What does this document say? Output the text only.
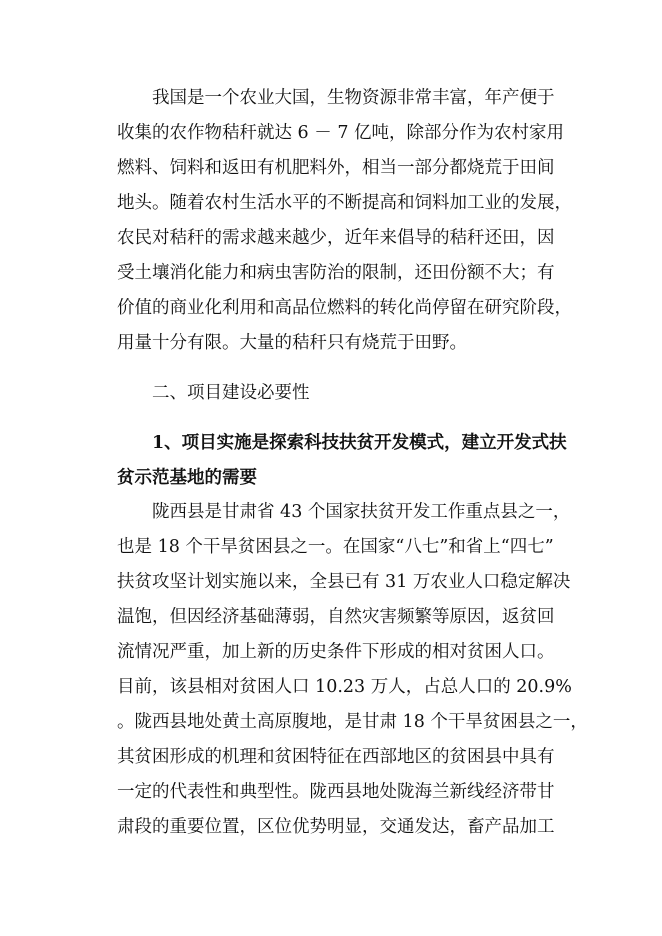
我国是一个农业大国，生物资源非常丰富，年产便于
收集的农作物秸秆就达 6 － 7 亿吨，除部分作为农村家用
燃料、饲料和返田有机肥料外，相当一部分都烧荒于田间
地头。随着农村生活水平的不断提高和饲料加工业的发展，
农民对秸秆的需求越来越少，近年来倡导的秸秆还田，因
受土壤消化能力和病虫害防治的限制，还田份额不大；有
价值的商业化利用和高品位燃料的转化尚停留在研究阶段，
用量十分有限。大量的秸秆只有烧荒于田野。
二、项目建设必要性
1、项目实施是探索科技扶贫开发模式，建立开发式扶
贫示范基地的需要
陇西县是甘肃省 43 个国家扶贫开发工作重点县之一，
也是 18 个干旱贫困县之一。在国家“八七”和省上“四七”
扶贫攻坚计划实施以来，全县已有 31 万农业人口稳定解决
温饱，但因经济基础薄弱，自然灾害频繁等原因，返贫回
流情况严重，加上新的历史条件下形成的相对贫困人口。
目前，该县相对贫困人口 10.23 万人，占总人口的 20.9%
。陇西县地处黄土高原腹地，是甘肃 18 个干旱贫困县之一，
其贫困形成的机理和贫困特征在西部地区的贫困县中具有
一定的代表性和典型性。陇西县地处陇海兰新线经济带甘
肃段的重要位置，区位优势明显，交通发达，畜产品加工
